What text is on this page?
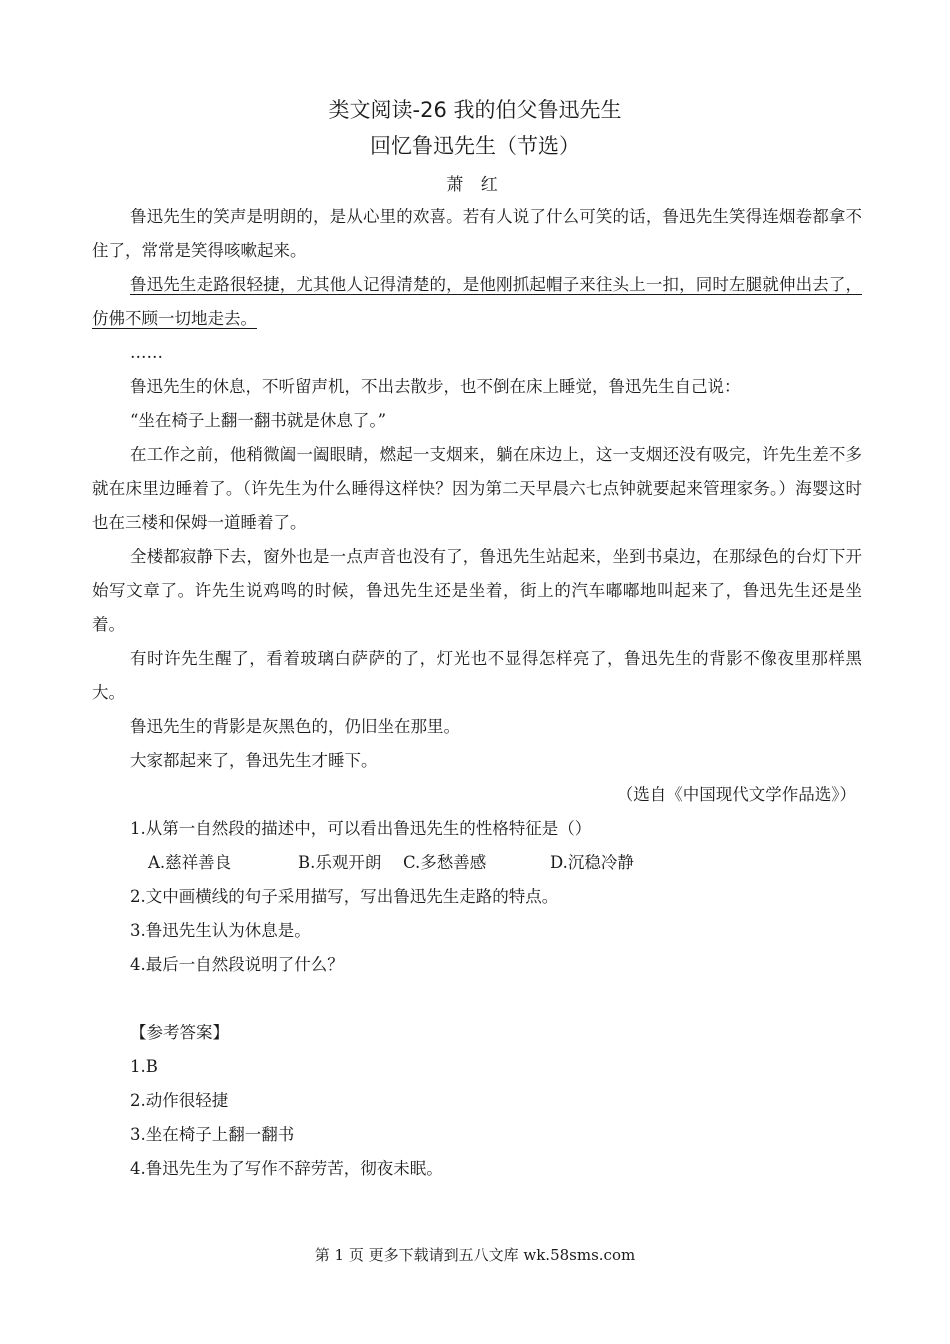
类文阅读-26 我的伯父鲁迅先生
回忆鲁迅先生（节选）
萧 红

鲁迅先生的笑声是明朗的，是从心里的欢喜。若有人说了什么可笑的话，鲁迅先生笑得连烟卷都拿不住了，常常是笑得咳嗽起来。

鲁迅先生走路很轻捷，尤其他人记得清楚的，是他刚抓起帽子来往头上一扣，同时左腿就伸出去了，仿佛不顾一切地走去。

……

鲁迅先生的休息，不听留声机，不出去散步，也不倒在床上睡觉，鲁迅先生自己说：

“坐在椅子上翻一翻书就是休息了。”

在工作之前，他稍微阖一阖眼睛，燃起一支烟来，躺在床边上，这一支烟还没有吸完，许先生差不多就在床里边睡着了。（许先生为什么睡得这样快？因为第二天早晨六七点钟就要起来管理家务。）海婴这时也在三楼和保姆一道睡着了。

全楼都寂静下去，窗外也是一点声音也没有了，鲁迅先生站起来，坐到书桌边，在那绿色的台灯下开始写文章了。许先生说鸡鸣的时候，鲁迅先生还是坐着，街上的汽车嘟嘟地叫起来了，鲁迅先生还是坐着。

有时许先生醒了，看着玻璃白萨萨的了，灯光也不显得怎样亮了，鲁迅先生的背影不像夜里那样黑大。

鲁迅先生的背影是灰黑色的，仍旧坐在那里。

大家都起来了，鲁迅先生才睡下。

（选自《中国现代文学作品选》）

1.从第一自然段的描述中，可以看出鲁迅先生的性格特征是（）

A.慈祥善良	B.乐观开朗 C.多愁善感	D.沉稳冷静

2.文中画横线的句子采用描写，写出鲁迅先生走路的特点。

3.鲁迅先生认为休息是。

4.最后一自然段说明了什么？

【参考答案】

1.B

2.动作很轻捷

3.坐在椅子上翻一翻书

4.鲁迅先生为了写作不辞劳苦，彻夜未眠。

第 1 页 更多下载请到五八文库 wk.58sms.com
